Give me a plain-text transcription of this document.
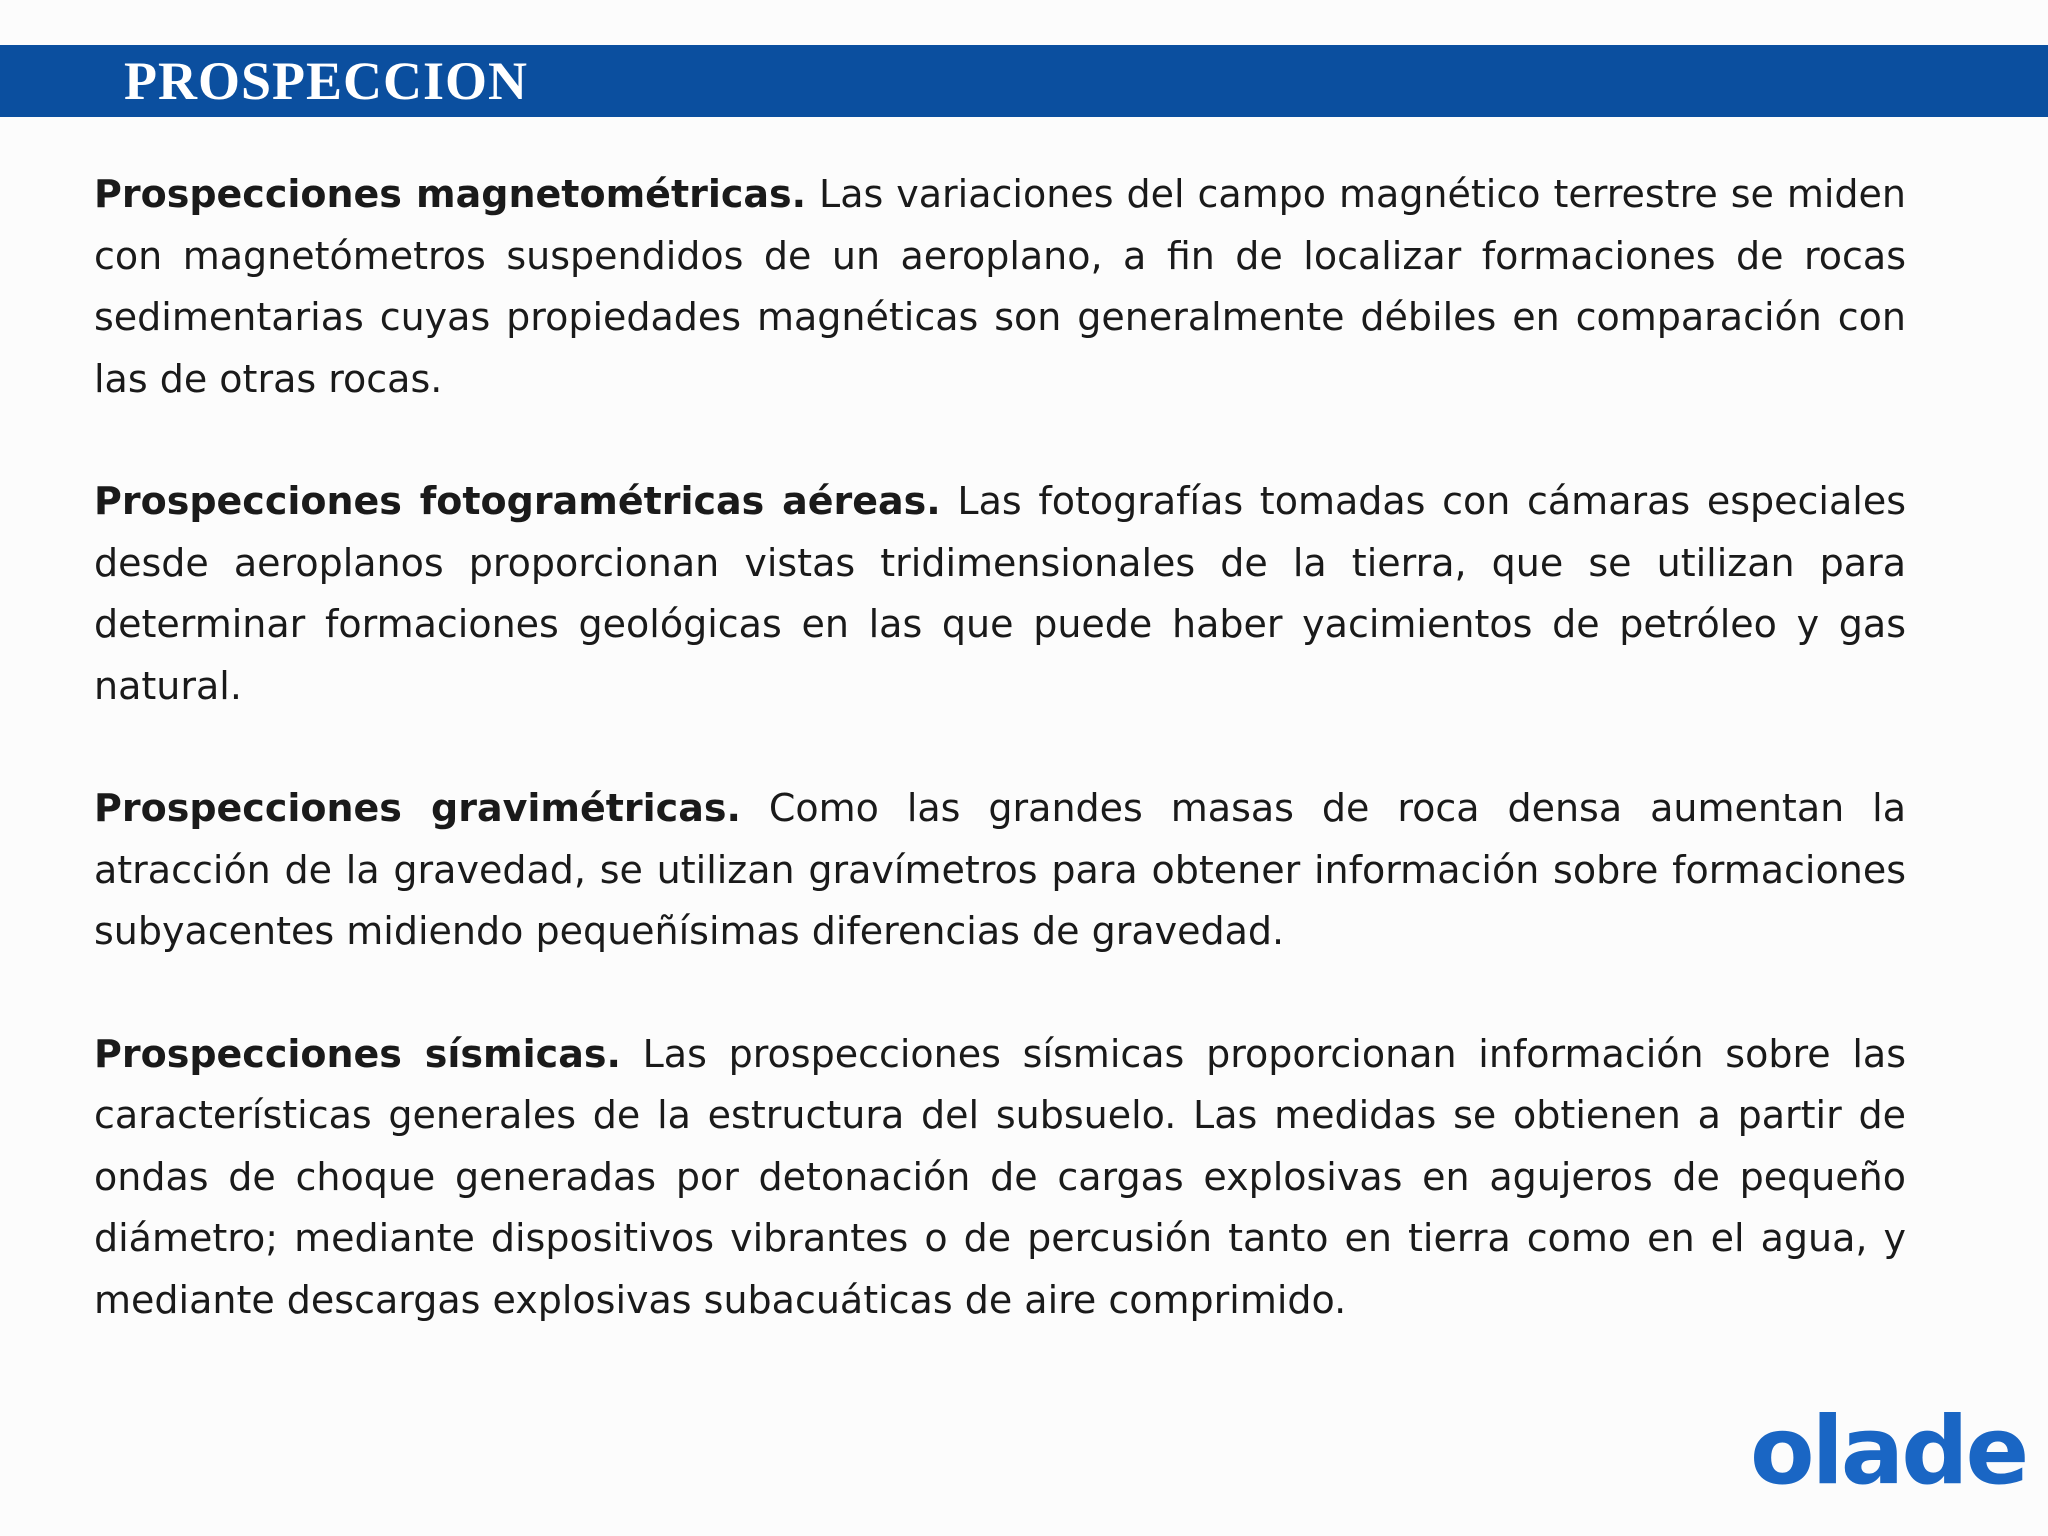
PROSPECCION

Prospecciones magnetométricas. Las variaciones del campo magnético terrestre se miden con magnetómetros suspendidos de un aeroplano, a fin de localizar formaciones de rocas sedimentarias cuyas propiedades magnéticas son generalmente débiles en comparación con las de otras rocas.

Prospecciones fotogramétricas aéreas. Las fotografías tomadas con cámaras especiales desde aeroplanos proporcionan vistas tridimensionales de la tierra, que se utilizan para determinar formaciones geológicas en las que puede haber yacimientos de petróleo y gas natural.

Prospecciones gravimétricas. Como las grandes masas de roca densa aumentan la atracción de la gravedad, se utilizan gravímetros para obtener información sobre formaciones subyacentes midiendo pequeñísimas diferencias de gravedad.

Prospecciones sísmicas. Las prospecciones sísmicas proporcionan información sobre las características generales de la estructura del subsuelo. Las medidas se obtienen a partir de ondas de choque generadas por detonación de cargas explosivas en agujeros de pequeño diámetro; mediante dispositivos vibrantes o de percusión tanto en tierra como en el agua, y mediante descargas explosivas subacuáticas de aire comprimido.

olade
